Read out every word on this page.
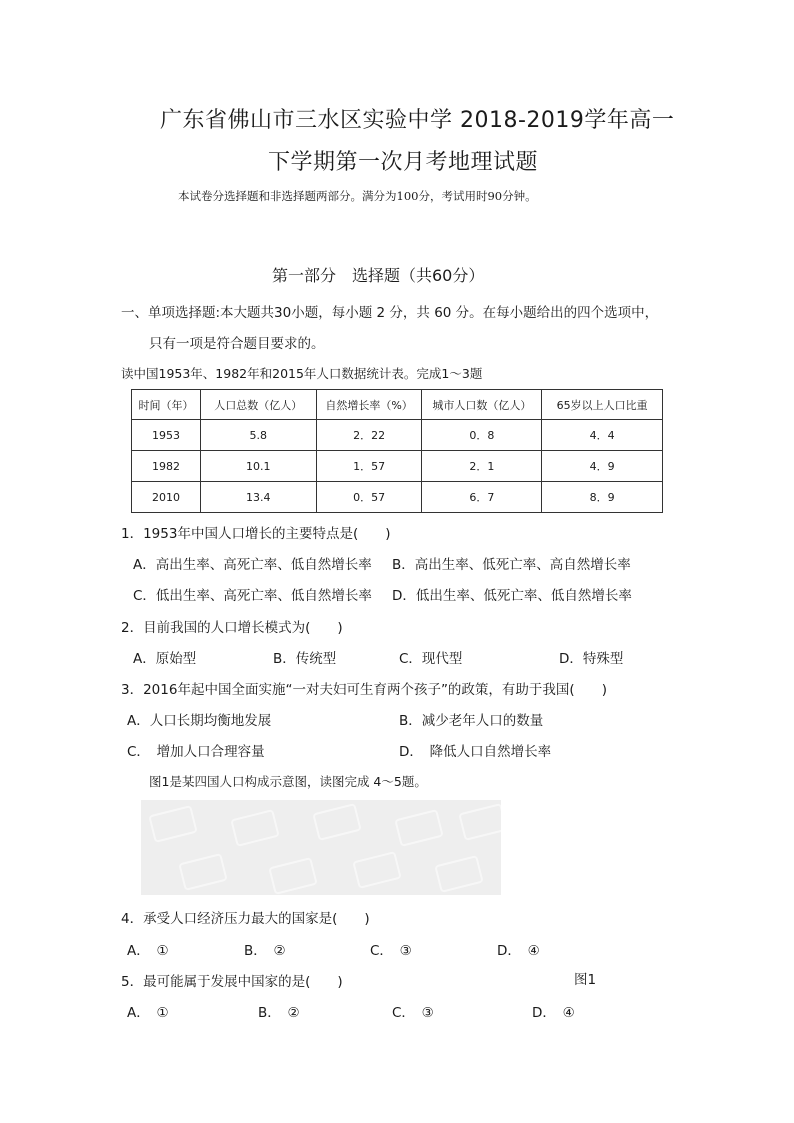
广东省佛山市三水区实验中学 2018-2019学年高一
下学期第一次月考地理试题
本试卷分选择题和非选择题两部分。满分为100分，考试用时90分钟。
第一部分　选择题（共60分）
一、单项选择题:本大题共30小题，每小题 2 分，共 60 分。在每小题给出的四个选项中，
只有一项是符合题目要求的。
读中国1953年、1982年和2015年人口数据统计表。完成1～3题
时间（年）	人口总数（亿人）	自然增长率（%）	城市人口数（亿人）	65岁以上人口比重
1953	5.8	2．22	0．8	4．4
1982	10.1	1．57	2．1	4．9
2010	13.4	0．57	6．7	8．9
1．1953年中国人口增长的主要特点是(　　)
A．高出生率、高死亡率、低自然增长率 B．高出生率、低死亡率、高自然增长率
C．低出生率、高死亡率、低自然增长率 D．低出生率、低死亡率、低自然增长率
2．目前我国的人口增长模式为(　　)
A．原始型	B．传统型	C．现代型	D．特殊型
3．2016年起中国全面实施“一对夫妇可生育两个孩子”的政策，有助于我国(　　)
A．人口长期均衡地发展	B．减少老年人口的数量
C．　增加人口合理容量	D．　降低人口自然增长率
图1是某四国人口构成示意图，读图完成 4～5题。
4．承受人口经济压力最大的国家是(　　)
A．　①	B．　②	C．　③	D．　④
5．最可能属于发展中国家的是(　　)	图1
A．　①	B．　②	C．　③	D．　④
